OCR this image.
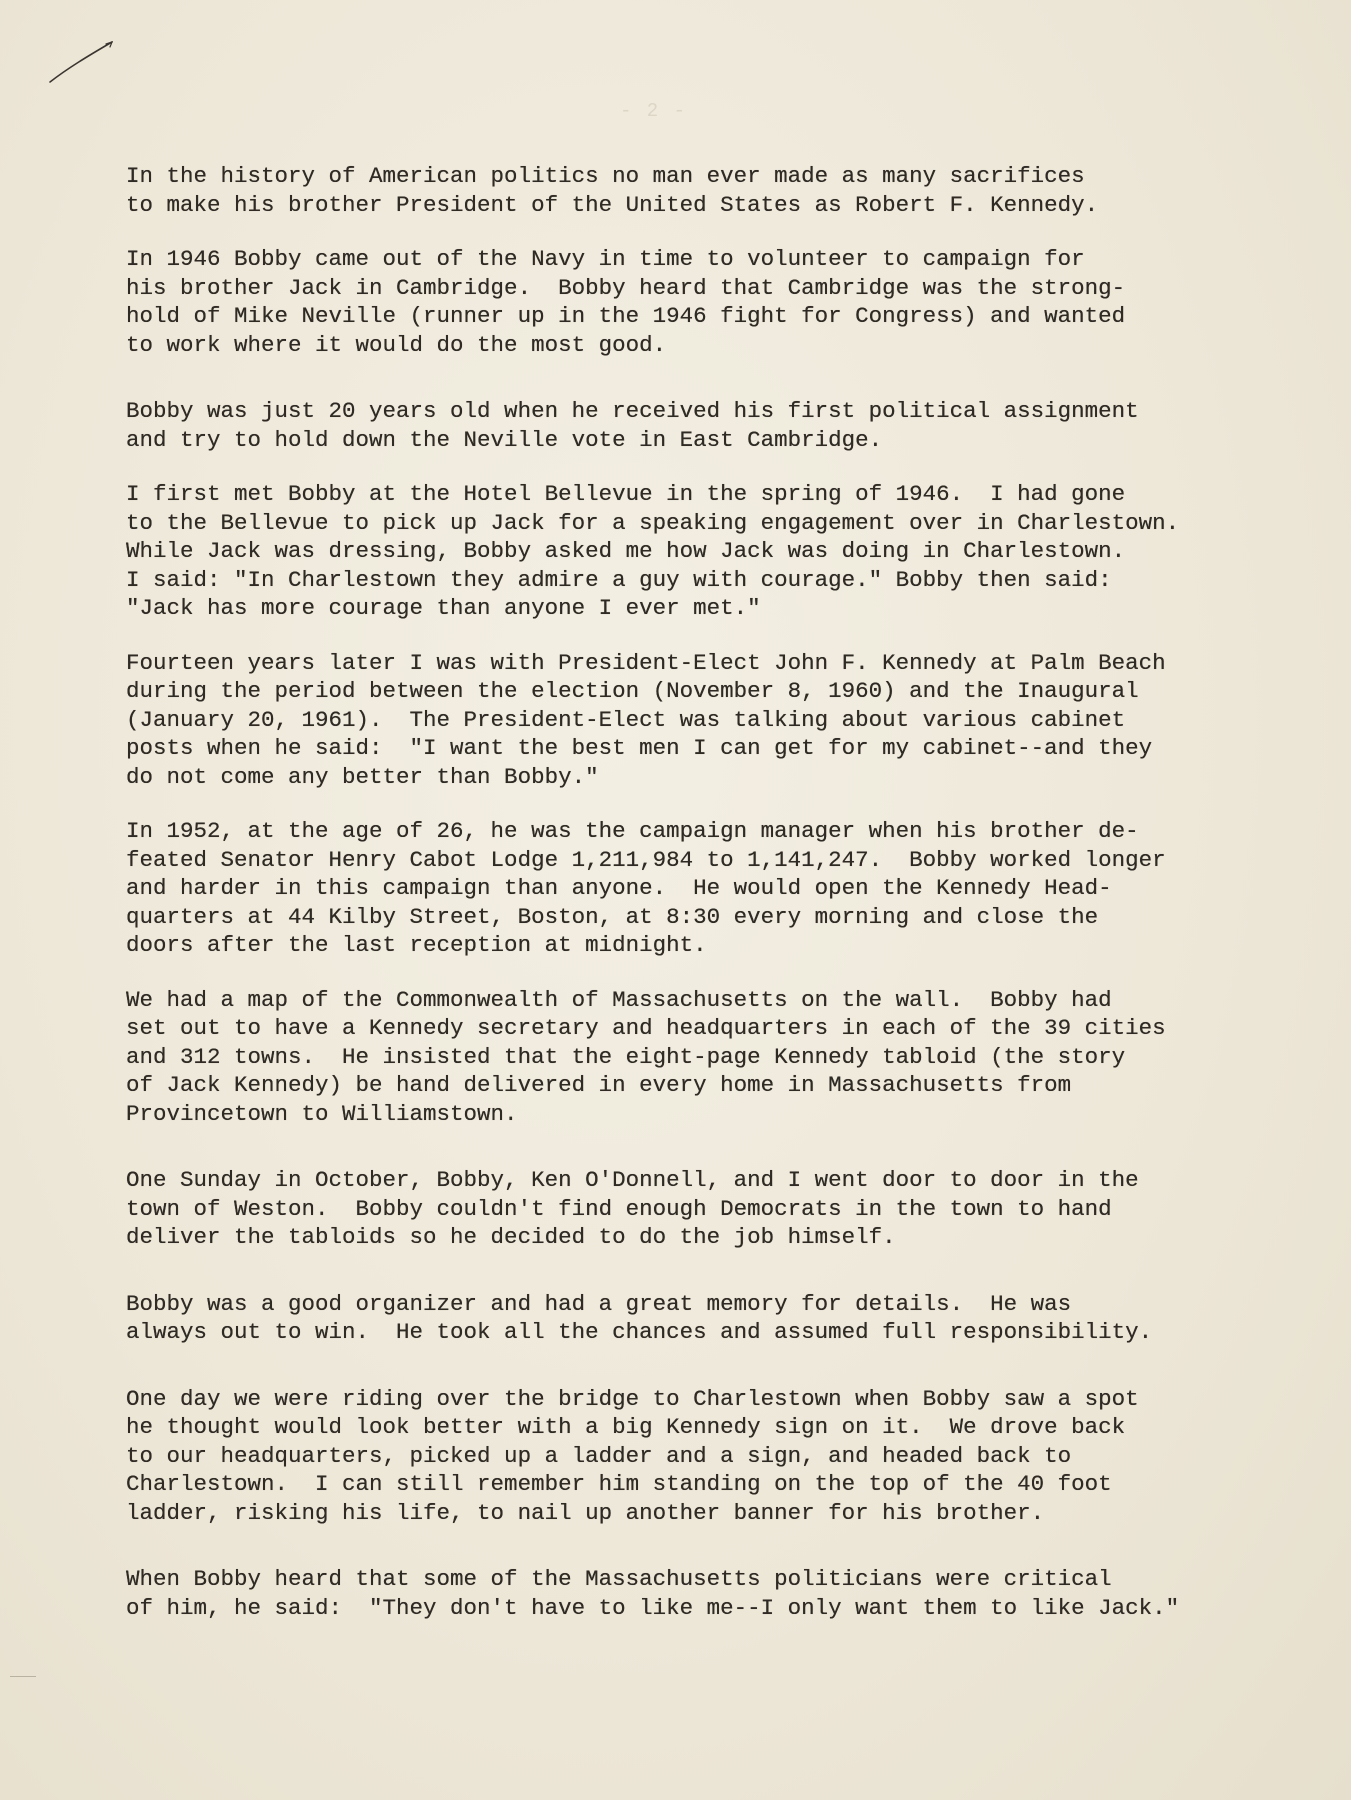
- 2 -

In the history of American politics no man ever made as many sacrifices
to make his brother President of the United States as Robert F. Kennedy.

In 1946 Bobby came out of the Navy in time to volunteer to campaign for
his brother Jack in Cambridge.  Bobby heard that Cambridge was the strong-
hold of Mike Neville (runner up in the 1946 fight for Congress) and wanted
to work where it would do the most good.

Bobby was just 20 years old when he received his first political assignment
and try to hold down the Neville vote in East Cambridge.

I first met Bobby at the Hotel Bellevue in the spring of 1946.  I had gone
to the Bellevue to pick up Jack for a speaking engagement over in Charlestown.
While Jack was dressing, Bobby asked me how Jack was doing in Charlestown.
I said: "In Charlestown they admire a guy with courage." Bobby then said:
"Jack has more courage than anyone I ever met."

Fourteen years later I was with President-Elect John F. Kennedy at Palm Beach
during the period between the election (November 8, 1960) and the Inaugural
(January 20, 1961).  The President-Elect was talking about various cabinet
posts when he said:  "I want the best men I can get for my cabinet--and they
do not come any better than Bobby."

In 1952, at the age of 26, he was the campaign manager when his brother de-
feated Senator Henry Cabot Lodge 1,211,984 to 1,141,247.  Bobby worked longer
and harder in this campaign than anyone.  He would open the Kennedy Head-
quarters at 44 Kilby Street, Boston, at 8:30 every morning and close the
doors after the last reception at midnight.

We had a map of the Commonwealth of Massachusetts on the wall.  Bobby had
set out to have a Kennedy secretary and headquarters in each of the 39 cities
and 312 towns.  He insisted that the eight-page Kennedy tabloid (the story
of Jack Kennedy) be hand delivered in every home in Massachusetts from
Provincetown to Williamstown.

One Sunday in October, Bobby, Ken O'Donnell, and I went door to door in the
town of Weston.  Bobby couldn't find enough Democrats in the town to hand
deliver the tabloids so he decided to do the job himself.

Bobby was a good organizer and had a great memory for details.  He was
always out to win.  He took all the chances and assumed full responsibility.

One day we were riding over the bridge to Charlestown when Bobby saw a spot
he thought would look better with a big Kennedy sign on it.  We drove back
to our headquarters, picked up a ladder and a sign, and headed back to
Charlestown.  I can still remember him standing on the top of the 40 foot
ladder, risking his life, to nail up another banner for his brother.

When Bobby heard that some of the Massachusetts politicians were critical
of him, he said:  "They don't have to like me--I only want them to like Jack."
